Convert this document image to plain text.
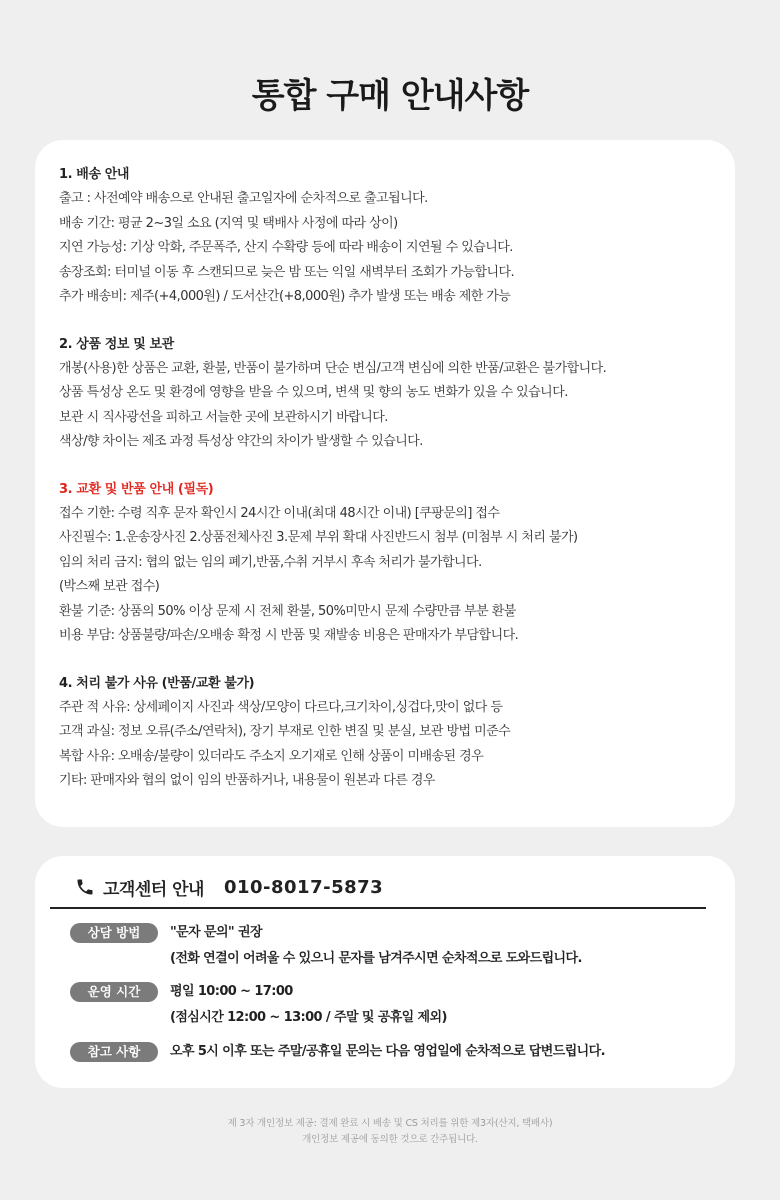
통합 구매 안내사항
1. 배송 안내
출고 : 사전예약 배송으로 안내된 출고일자에 순차적으로 출고됩니다.
배송 기간: 평균 2~3일 소요 (지역 및 택배사 사정에 따라 상이)
지연 가능성: 기상 악화, 주문폭주, 산지 수확량 등에 따라 배송이 지연될 수 있습니다.
송장조회: 터미널 이동 후 스캔되므로 늦은 밤 또는 익일 새벽부터 조회가 가능합니다.
추가 배송비: 제주(+4,000원) / 도서산간(+8,000원) 추가 발생 또는 배송 제한 가능
2. 상품 정보 및 보관
개봉(사용)한 상품은 교환, 환불, 반품이 불가하며 단순 변심/고객 변심에 의한 반품/교환은 불가합니다.
상품 특성상 온도 및 환경에 영향을 받을 수 있으며, 변색 및 향의 농도 변화가 있을 수 있습니다.
보관 시 직사광선을 피하고 서늘한 곳에 보관하시기 바랍니다.
색상/향 차이는 제조 과정 특성상 약간의 차이가 발생할 수 있습니다.
3. 교환 및 반품 안내 (필독)
접수 기한: 수령 직후 문자 확인시 24시간 이내(최대 48시간 이내) [쿠팡문의] 접수
사진필수: 1.운송장사진 2.상품전체사진 3.문제 부위 확대 사진반드시 첨부 (미첨부 시 처리 불가)
임의 처리 금지: 협의 없는 임의 폐기,반품,수취 거부시 후속 처리가 불가합니다.
(박스째 보관 접수)
환불 기준: 상품의 50% 이상 문제 시 전체 환불, 50%미만시 문제 수량만큼 부분 환불
비용 부담: 상품불량/파손/오배송 확정 시 반품 및 재발송 비용은 판매자가 부담합니다.
4. 처리 불가 사유 (반품/교환 불가)
주관 적 사유: 상세페이지 사진과 색상/모양이 다르다,크기차이,싱겁다,맛이 없다 등
고객 과실: 정보 오류(주소/연락처), 장기 부재로 인한 변질 및 분실, 보관 방법 미준수
복합 사유: 오배송/불량이 있더라도 주소지 오기재로 인해 상품이 미배송된 경우
기타: 판매자와 협의 없이 임의 반품하거나, 내용물이 원본과 다른 경우
고객센터 안내 010-8017-5873
상담 방법	"문자 문의" 권장
(전화 연결이 어려울 수 있으니 문자를 남겨주시면 순차적으로 도와드립니다.
운영 시간	평일 10:00 ~ 17:00
(점심시간 12:00 ~ 13:00 / 주말 및 공휴일 제외)
참고 사항	오후 5시 이후 또는 주말/공휴일 문의는 다음 영업일에 순차적으로 답변드립니다.
제 3자 개인정보 제공: 결제 완료 시 배송 및 CS 처리를 위한 제3자(산지, 택배사)
개인정보 제공에 동의한 것으로 간주됩니다.
